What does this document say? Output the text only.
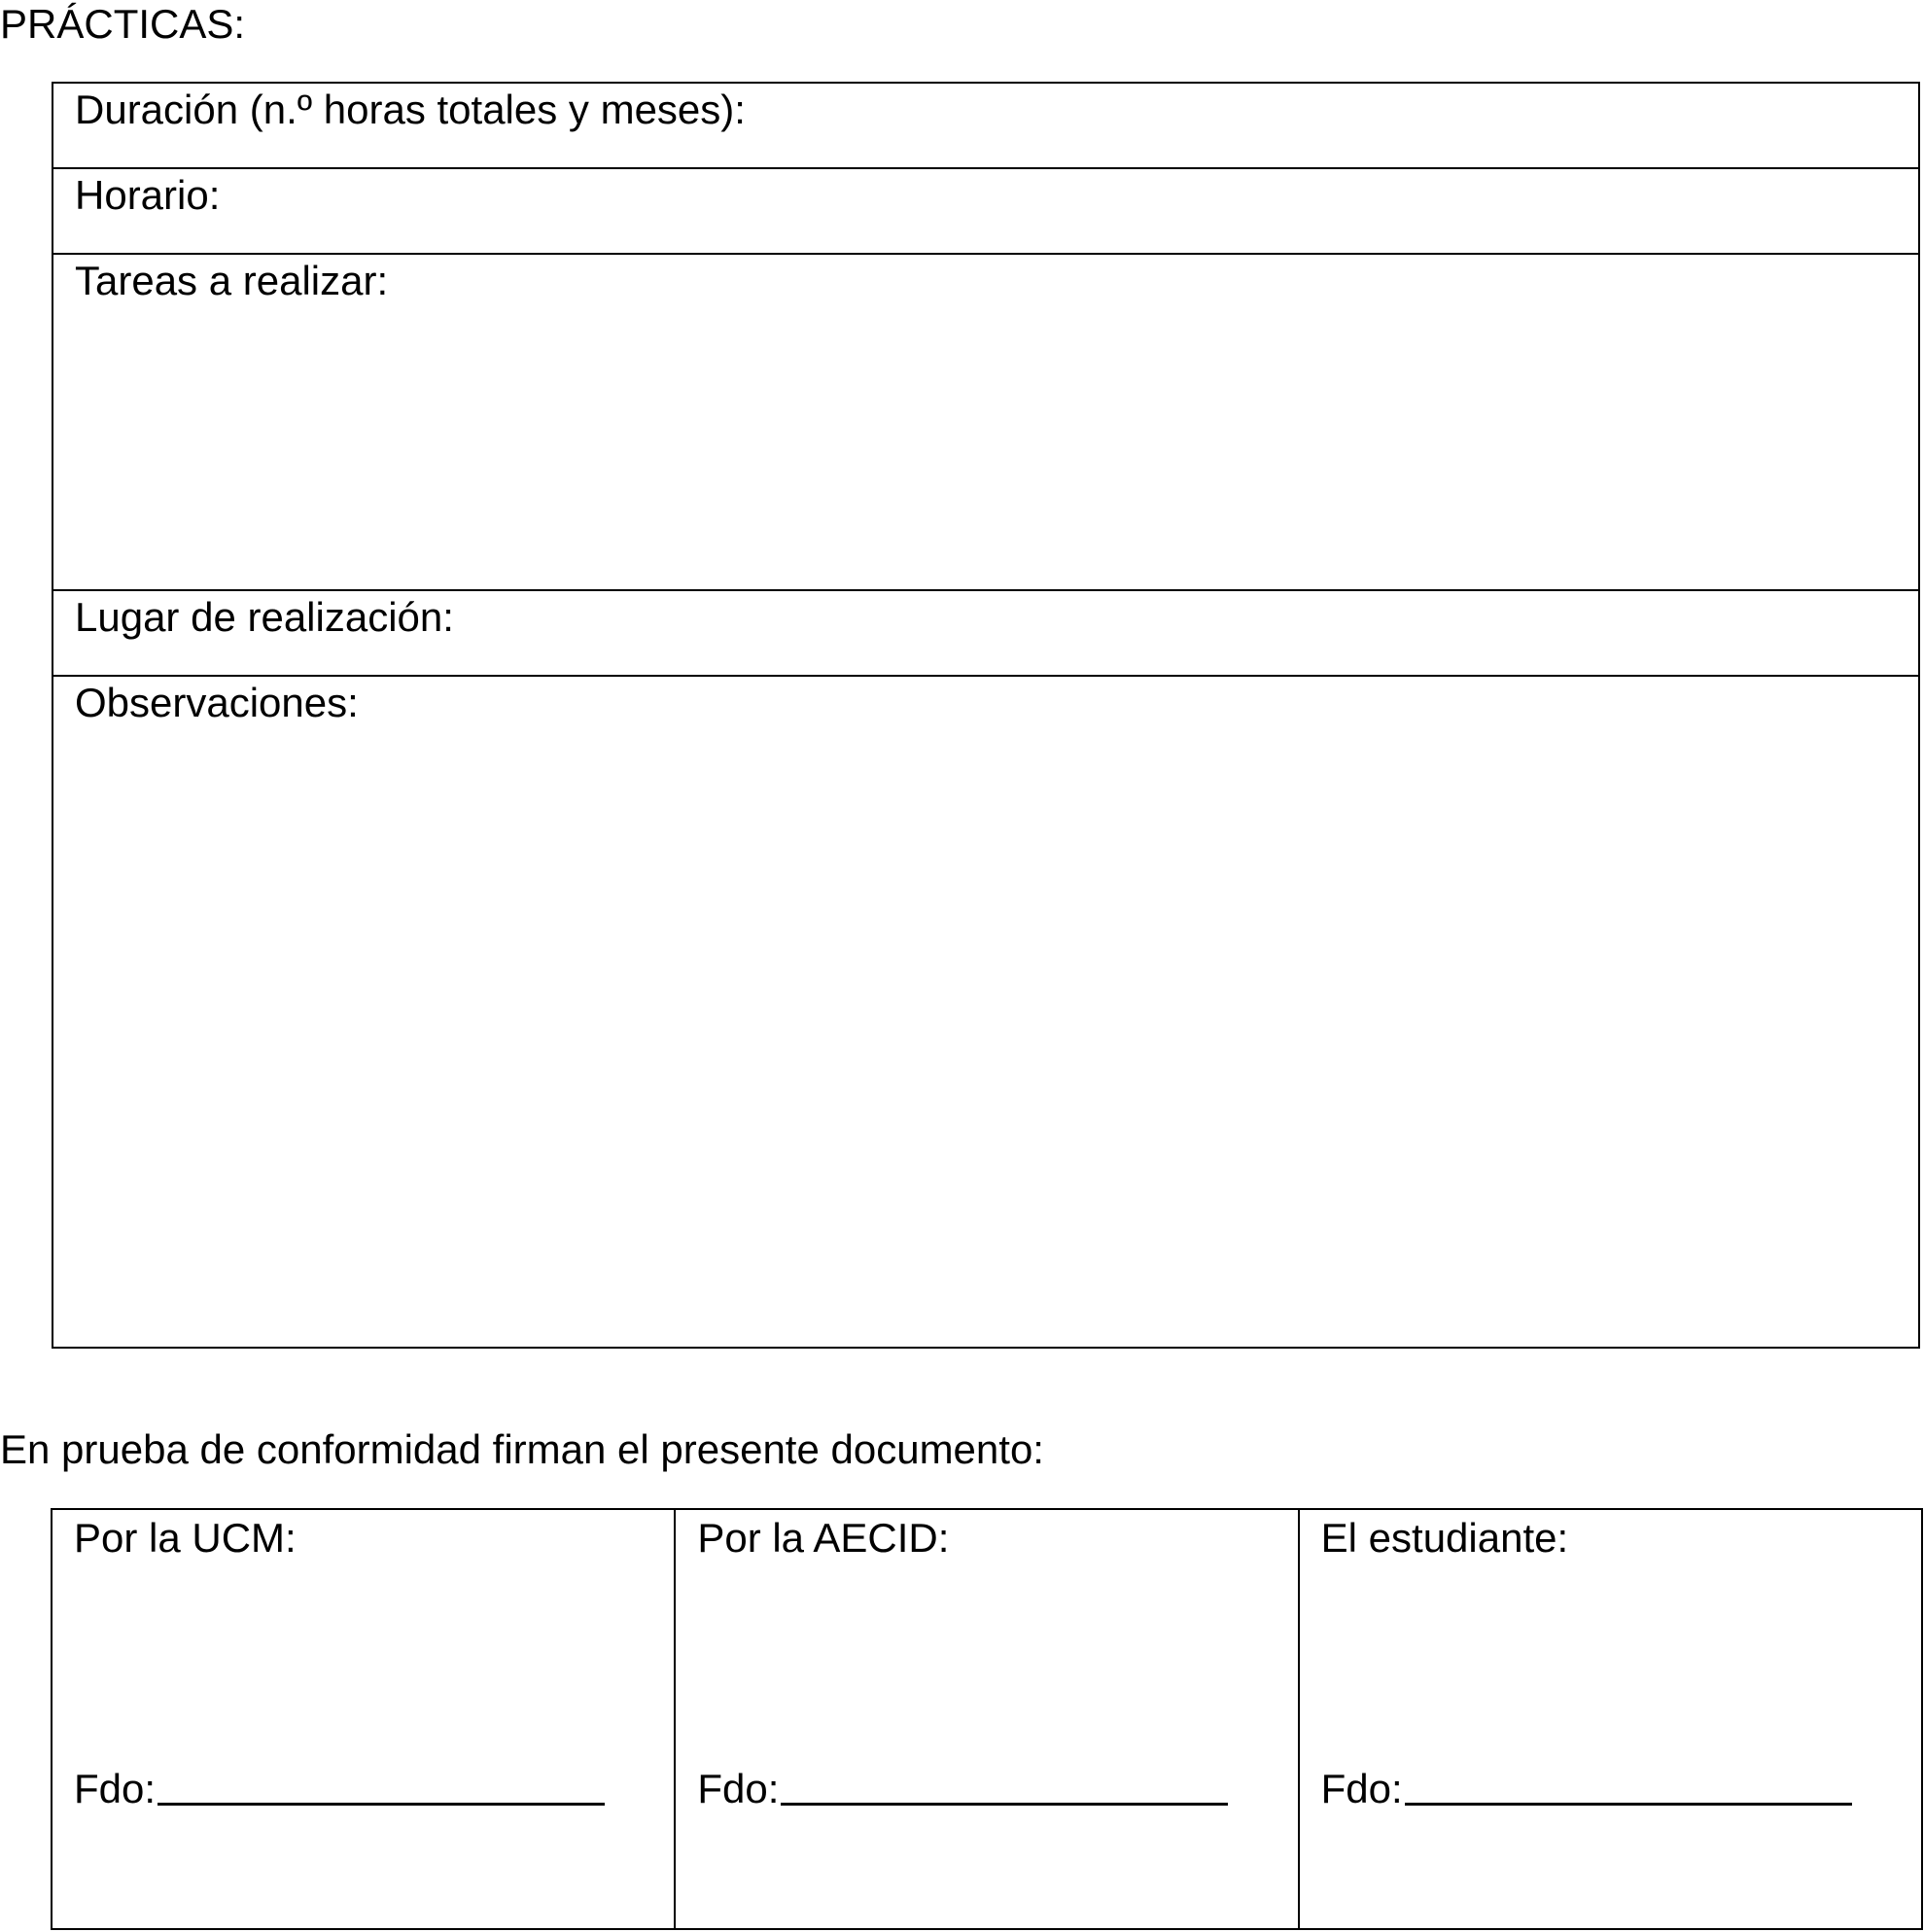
PRÁCTICAS:
Duración (n.º horas totales y meses):
Horario:
Tareas a realizar:
Lugar de realización:
Observaciones:
En prueba de conformidad firman el presente documento:
Por la UCM:
Fdo:
Por la AECID:
Fdo:
El estudiante:
Fdo:
